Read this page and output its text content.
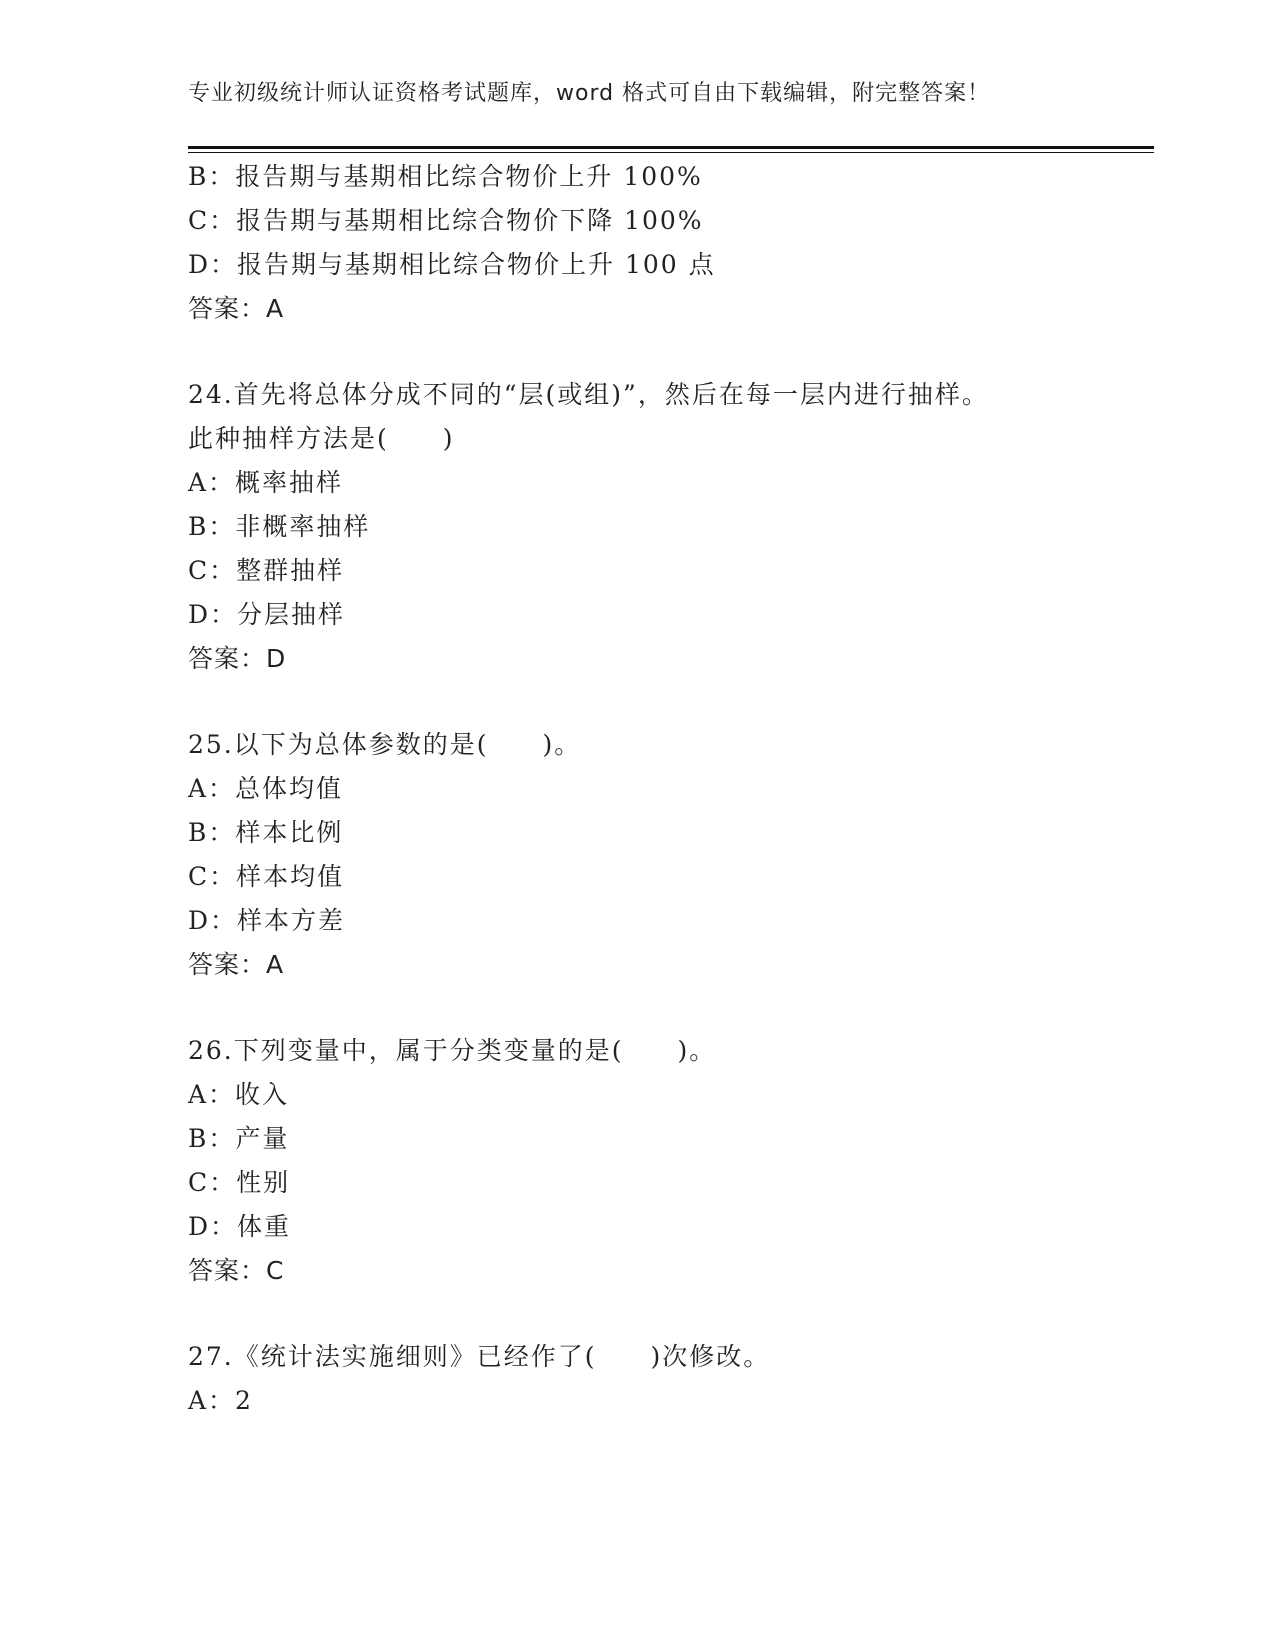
专业初级统计师认证资格考试题库，word 格式可自由下载编辑，附完整答案！
B：报告期与基期相比综合物价上升 100%
C：报告期与基期相比综合物价下降 100%
D：报告期与基期相比综合物价上升 100 点
答案：A
24.首先将总体分成不同的“层(或组)”，然后在每一层内进行抽样。
此种抽样方法是(　　)
A：概率抽样
B：非概率抽样
C：整群抽样
D：分层抽样
答案：D
25.以下为总体参数的是(　　)。
A：总体均值
B：样本比例
C：样本均值
D：样本方差
答案：A
26.下列变量中，属于分类变量的是(　　)。
A：收入
B：产量
C：性别
D：体重
答案：C
27.《统计法实施细则》已经作了(　　)次修改。
A：2
